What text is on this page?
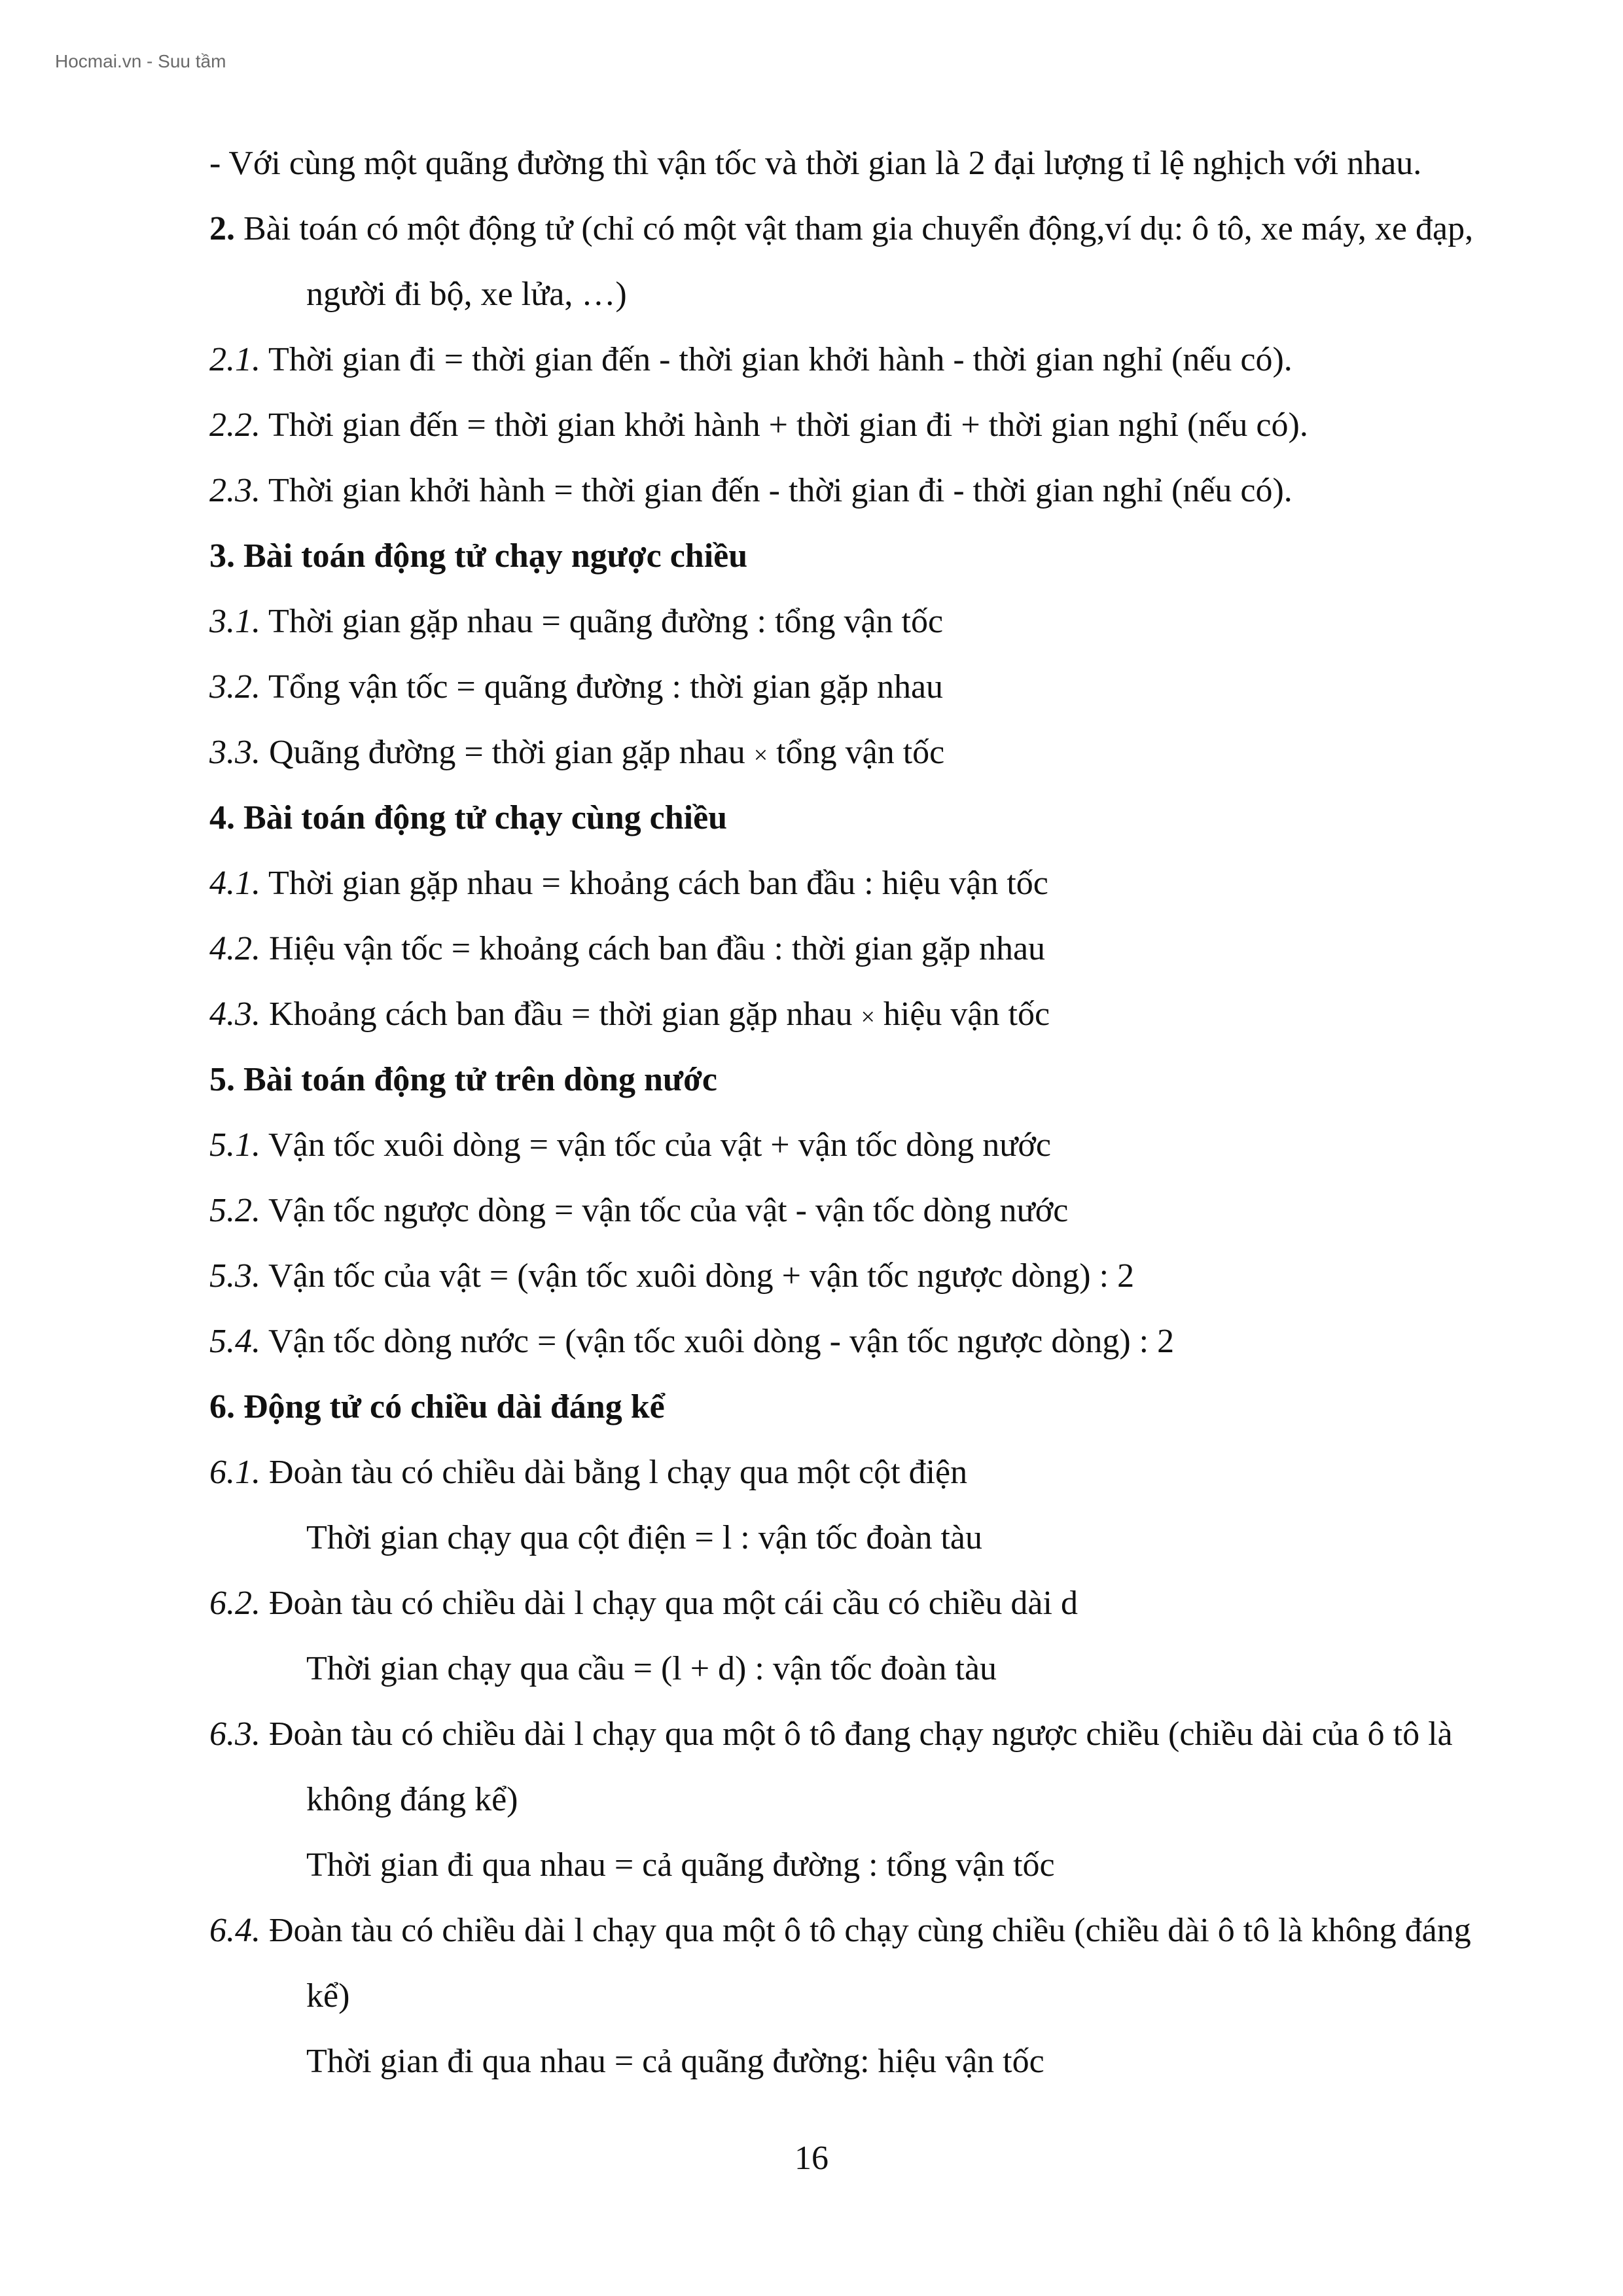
Hocmai.vn - Suu tầm
- Với cùng một quãng đường thì vận tốc và thời gian là 2 đại lượng tỉ lệ nghịch với nhau.
2. Bài toán có một động tử (chỉ có một vật tham gia chuyển động,ví dụ: ô tô, xe máy, xe đạp,
người đi bộ, xe lửa, …)
2.1. Thời gian đi = thời gian đến - thời gian khởi hành - thời gian nghỉ (nếu có).
2.2. Thời gian đến = thời gian khởi hành + thời gian đi + thời gian nghỉ (nếu có).
2.3. Thời gian khởi hành = thời gian đến - thời gian đi - thời gian nghỉ (nếu có).
3. Bài toán động tử chạy ngược chiều
3.1. Thời gian gặp nhau = quãng đường : tổng vận tốc
3.2. Tổng vận tốc = quãng đường : thời gian gặp nhau
3.3. Quãng đường = thời gian gặp nhau × tổng vận tốc
4. Bài toán động tử chạy cùng chiều
4.1. Thời gian gặp nhau = khoảng cách ban đầu : hiệu vận tốc
4.2. Hiệu vận tốc = khoảng cách ban đầu : thời gian gặp nhau
4.3. Khoảng cách ban đầu = thời gian gặp nhau × hiệu vận tốc
5. Bài toán động tử trên dòng nước
5.1. Vận tốc xuôi dòng = vận tốc của vật + vận tốc dòng nước
5.2. Vận tốc ngược dòng = vận tốc của vật - vận tốc dòng nước
5.3. Vận tốc của vật = (vận tốc xuôi dòng + vận tốc ngược dòng) : 2
5.4. Vận tốc dòng nước = (vận tốc xuôi dòng - vận tốc ngược dòng) : 2
6. Động tử có chiều dài đáng kể
6.1. Đoàn tàu có chiều dài bằng l chạy qua một cột điện
Thời gian chạy qua cột điện = l : vận tốc đoàn tàu
6.2. Đoàn tàu có chiều dài l chạy qua một cái cầu có chiều dài d
Thời gian chạy qua cầu = (l + d) : vận tốc đoàn tàu
6.3. Đoàn tàu có chiều dài l chạy qua một ô tô đang chạy ngược chiều (chiều dài của ô tô là
không đáng kể)
Thời gian đi qua nhau = cả quãng đường : tổng vận tốc
6.4. Đoàn tàu có chiều dài l chạy qua một ô tô chạy cùng chiều (chiều dài ô tô là không đáng
kể)
Thời gian đi qua nhau = cả quãng đường: hiệu vận tốc
16
